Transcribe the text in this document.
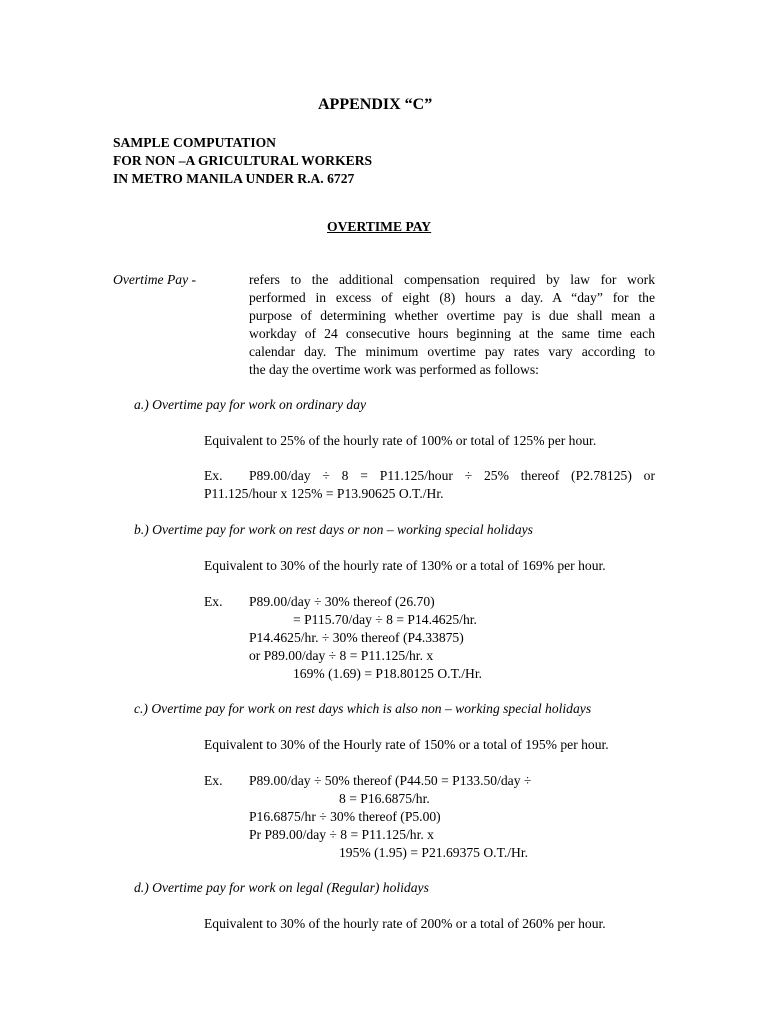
APPENDIX “C”
SAMPLE COMPUTATION
FOR NON –A GRICULTURAL WORKERS
IN METRO MANILA UNDER R.A. 6727
OVERTIME PAY
Overtime Pay -	refers to the additional compensation required by law for work
performed in excess of eight (8) hours a day. A “day” for the
purpose of determining whether overtime pay is due shall mean a
workday of 24 consecutive hours beginning at the same time each
calendar day. The minimum overtime pay rates vary according to
the day the overtime work was performed as follows:
a.) Overtime pay for work on ordinary day
Equivalent to 25% of the hourly rate of 100% or total of 125% per hour.
Ex. P89.00/day ÷ 8 = P11.125/hour ÷ 25% thereof (P2.78125) or
P11.125/hour x 125% = P13.90625 O.T./Hr.
b.) Overtime pay for work on rest days or non – working special holidays
Equivalent to 30% of the hourly rate of 130% or a total of 169% per hour.
Ex. P89.00/day ÷ 30% thereof (26.70)
= P115.70/day ÷ 8 = P14.4625/hr.
P14.4625/hr. ÷ 30% thereof (P4.33875)
or P89.00/day ÷ 8 = P11.125/hr. x
169% (1.69) = P18.80125 O.T./Hr.
c.) Overtime pay for work on rest days which is also non – working special holidays
Equivalent to 30% of the Hourly rate of 150% or a total of 195% per hour.
Ex. P89.00/day ÷ 50% thereof (P44.50 = P133.50/day ÷
8 = P16.6875/hr.
P16.6875/hr ÷ 30% thereof (P5.00)
Pr P89.00/day ÷ 8 = P11.125/hr. x
195% (1.95) = P21.69375 O.T./Hr.
d.) Overtime pay for work on legal (Regular) holidays
Equivalent to 30% of the hourly rate of 200% or a total of 260% per hour.
